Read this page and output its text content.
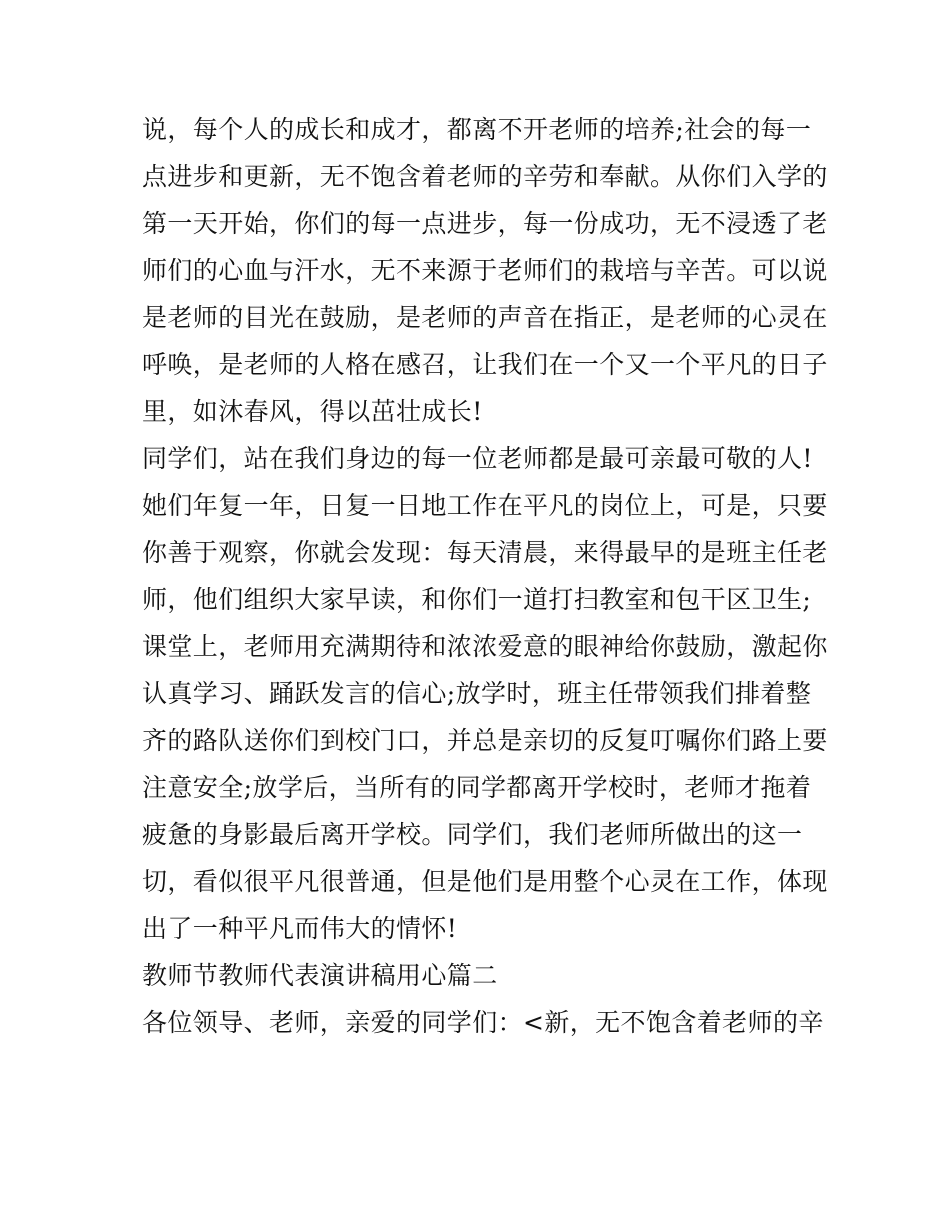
说，每个人的成长和成才，都离不开老师的培养;社会的每一
点进步和更新，无不饱含着老师的辛劳和奉献。从你们入学的
第一天开始，你们的每一点进步，每一份成功，无不浸透了老
师们的心血与汗水，无不来源于老师们的栽培与辛苦。可以说
是老师的目光在鼓励，是老师的声音在指正，是老师的心灵在
呼唤，是老师的人格在感召，让我们在一个又一个平凡的日子
里，如沐春风，得以茁壮成长!
同学们，站在我们身边的每一位老师都是最可亲最可敬的人!
她们年复一年，日复一日地工作在平凡的岗位上，可是，只要
你善于观察，你就会发现：每天清晨，来得最早的是班主任老
师，他们组织大家早读，和你们一道打扫教室和包干区卫生;
课堂上，老师用充满期待和浓浓爱意的眼神给你鼓励，激起你
认真学习、踊跃发言的信心;放学时，班主任带领我们排着整
齐的路队送你们到校门口，并总是亲切的反复叮嘱你们路上要
注意安全;放学后，当所有的同学都离开学校时，老师才拖着
疲惫的身影最后离开学校。同学们，我们老师所做出的这一
切，看似很平凡很普通，但是他们是用整个心灵在工作，体现
出了一种平凡而伟大的情怀!
教师节教师代表演讲稿用心篇二
各位领导、老师，亲爱的同学们：<新，无不饱含着老师的辛
